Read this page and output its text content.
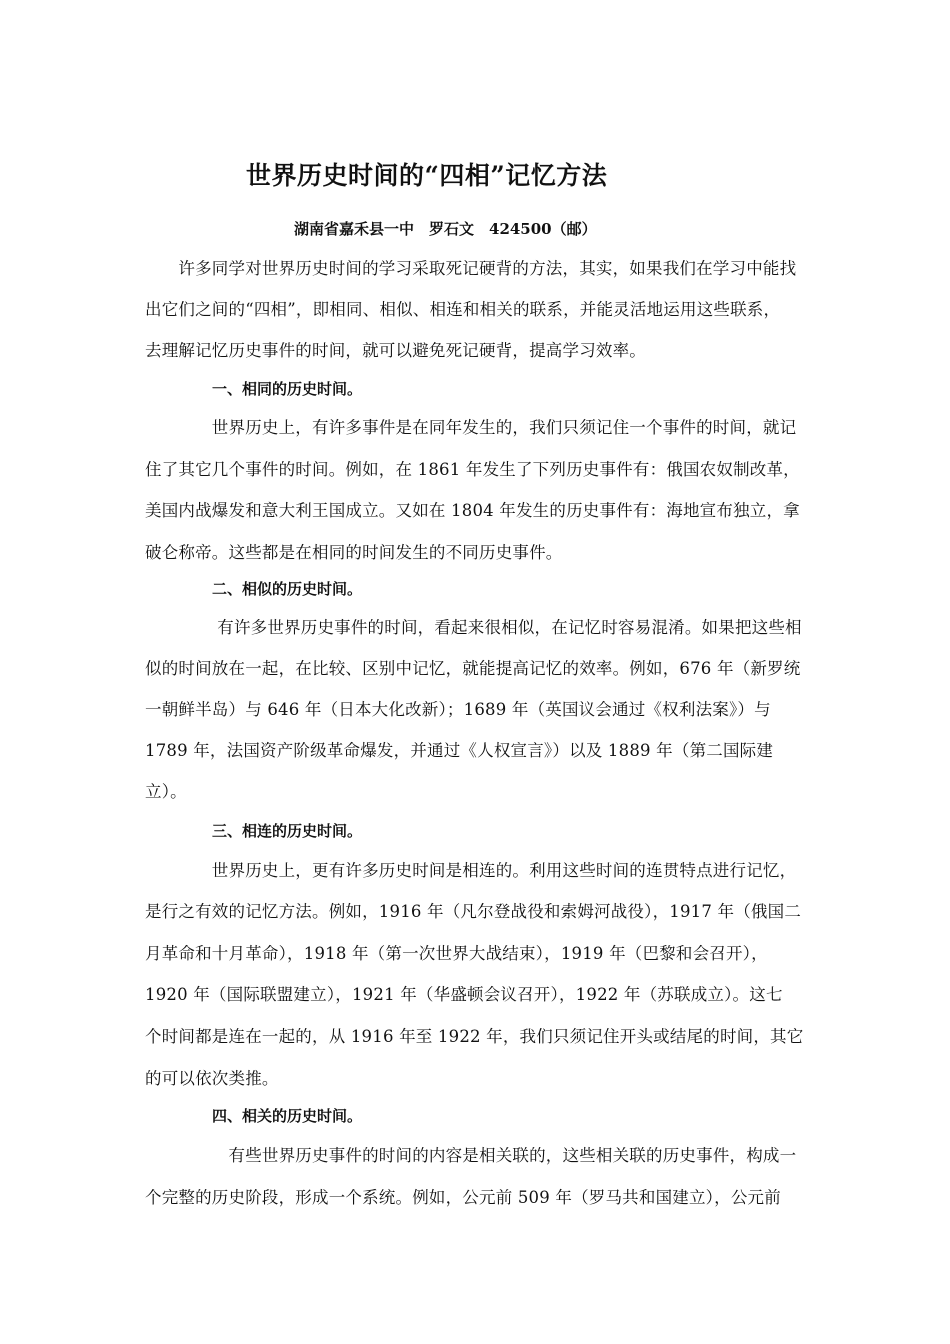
世界历史时间的“四相”记忆方法
湖南省嘉禾县一中　罗石文　424500（邮）
　　许多同学对世界历史时间的学习采取死记硬背的方法，其实，如果我们在学习中能找
出它们之间的“四相”，即相同、相似、相连和相关的联系，并能灵活地运用这些联系，
去理解记忆历史事件的时间，就可以避免死记硬背，提高学习效率。
一、相同的历史时间。
　　　　世界历史上，有许多事件是在同年发生的，我们只须记住一个事件的时间，就记
住了其它几个事件的时间。例如，在 1861 年发生了下列历史事件有：俄国农奴制改革，
美国内战爆发和意大利王国成立。又如在 1804 年发生的历史事件有：海地宣布独立，拿
破仑称帝。这些都是在相同的时间发生的不同历史事件。
二、相似的历史时间。
　　　　 有许多世界历史事件的时间，看起来很相似，在记忆时容易混淆。如果把这些相
似的时间放在一起，在比较、区别中记忆，就能提高记忆的效率。例如，676 年（新罗统
一朝鲜半岛）与 646 年（日本大化改新）；1689 年（英国议会通过《权利法案》）与
1789 年，法国资产阶级革命爆发，并通过《人权宣言》）以及 1889 年（第二国际建
立）。
三、相连的历史时间。
　　　　世界历史上，更有许多历史时间是相连的。利用这些时间的连贯特点进行记忆，
是行之有效的记忆方法。例如，1916 年（凡尔登战役和索姆河战役），1917 年（俄国二
月革命和十月革命），1918 年（第一次世界大战结束），1919 年（巴黎和会召开），
1920 年（国际联盟建立），1921 年（华盛顿会议召开），1922 年（苏联成立）。这七
个时间都是连在一起的，从 1916 年至 1922 年，我们只须记住开头或结尾的时间，其它
的可以依次类推。
四、相关的历史时间。
　　　　　有些世界历史事件的时间的内容是相关联的，这些相关联的历史事件，构成一
个完整的历史阶段，形成一个系统。例如，公元前 509 年（罗马共和国建立），公元前
